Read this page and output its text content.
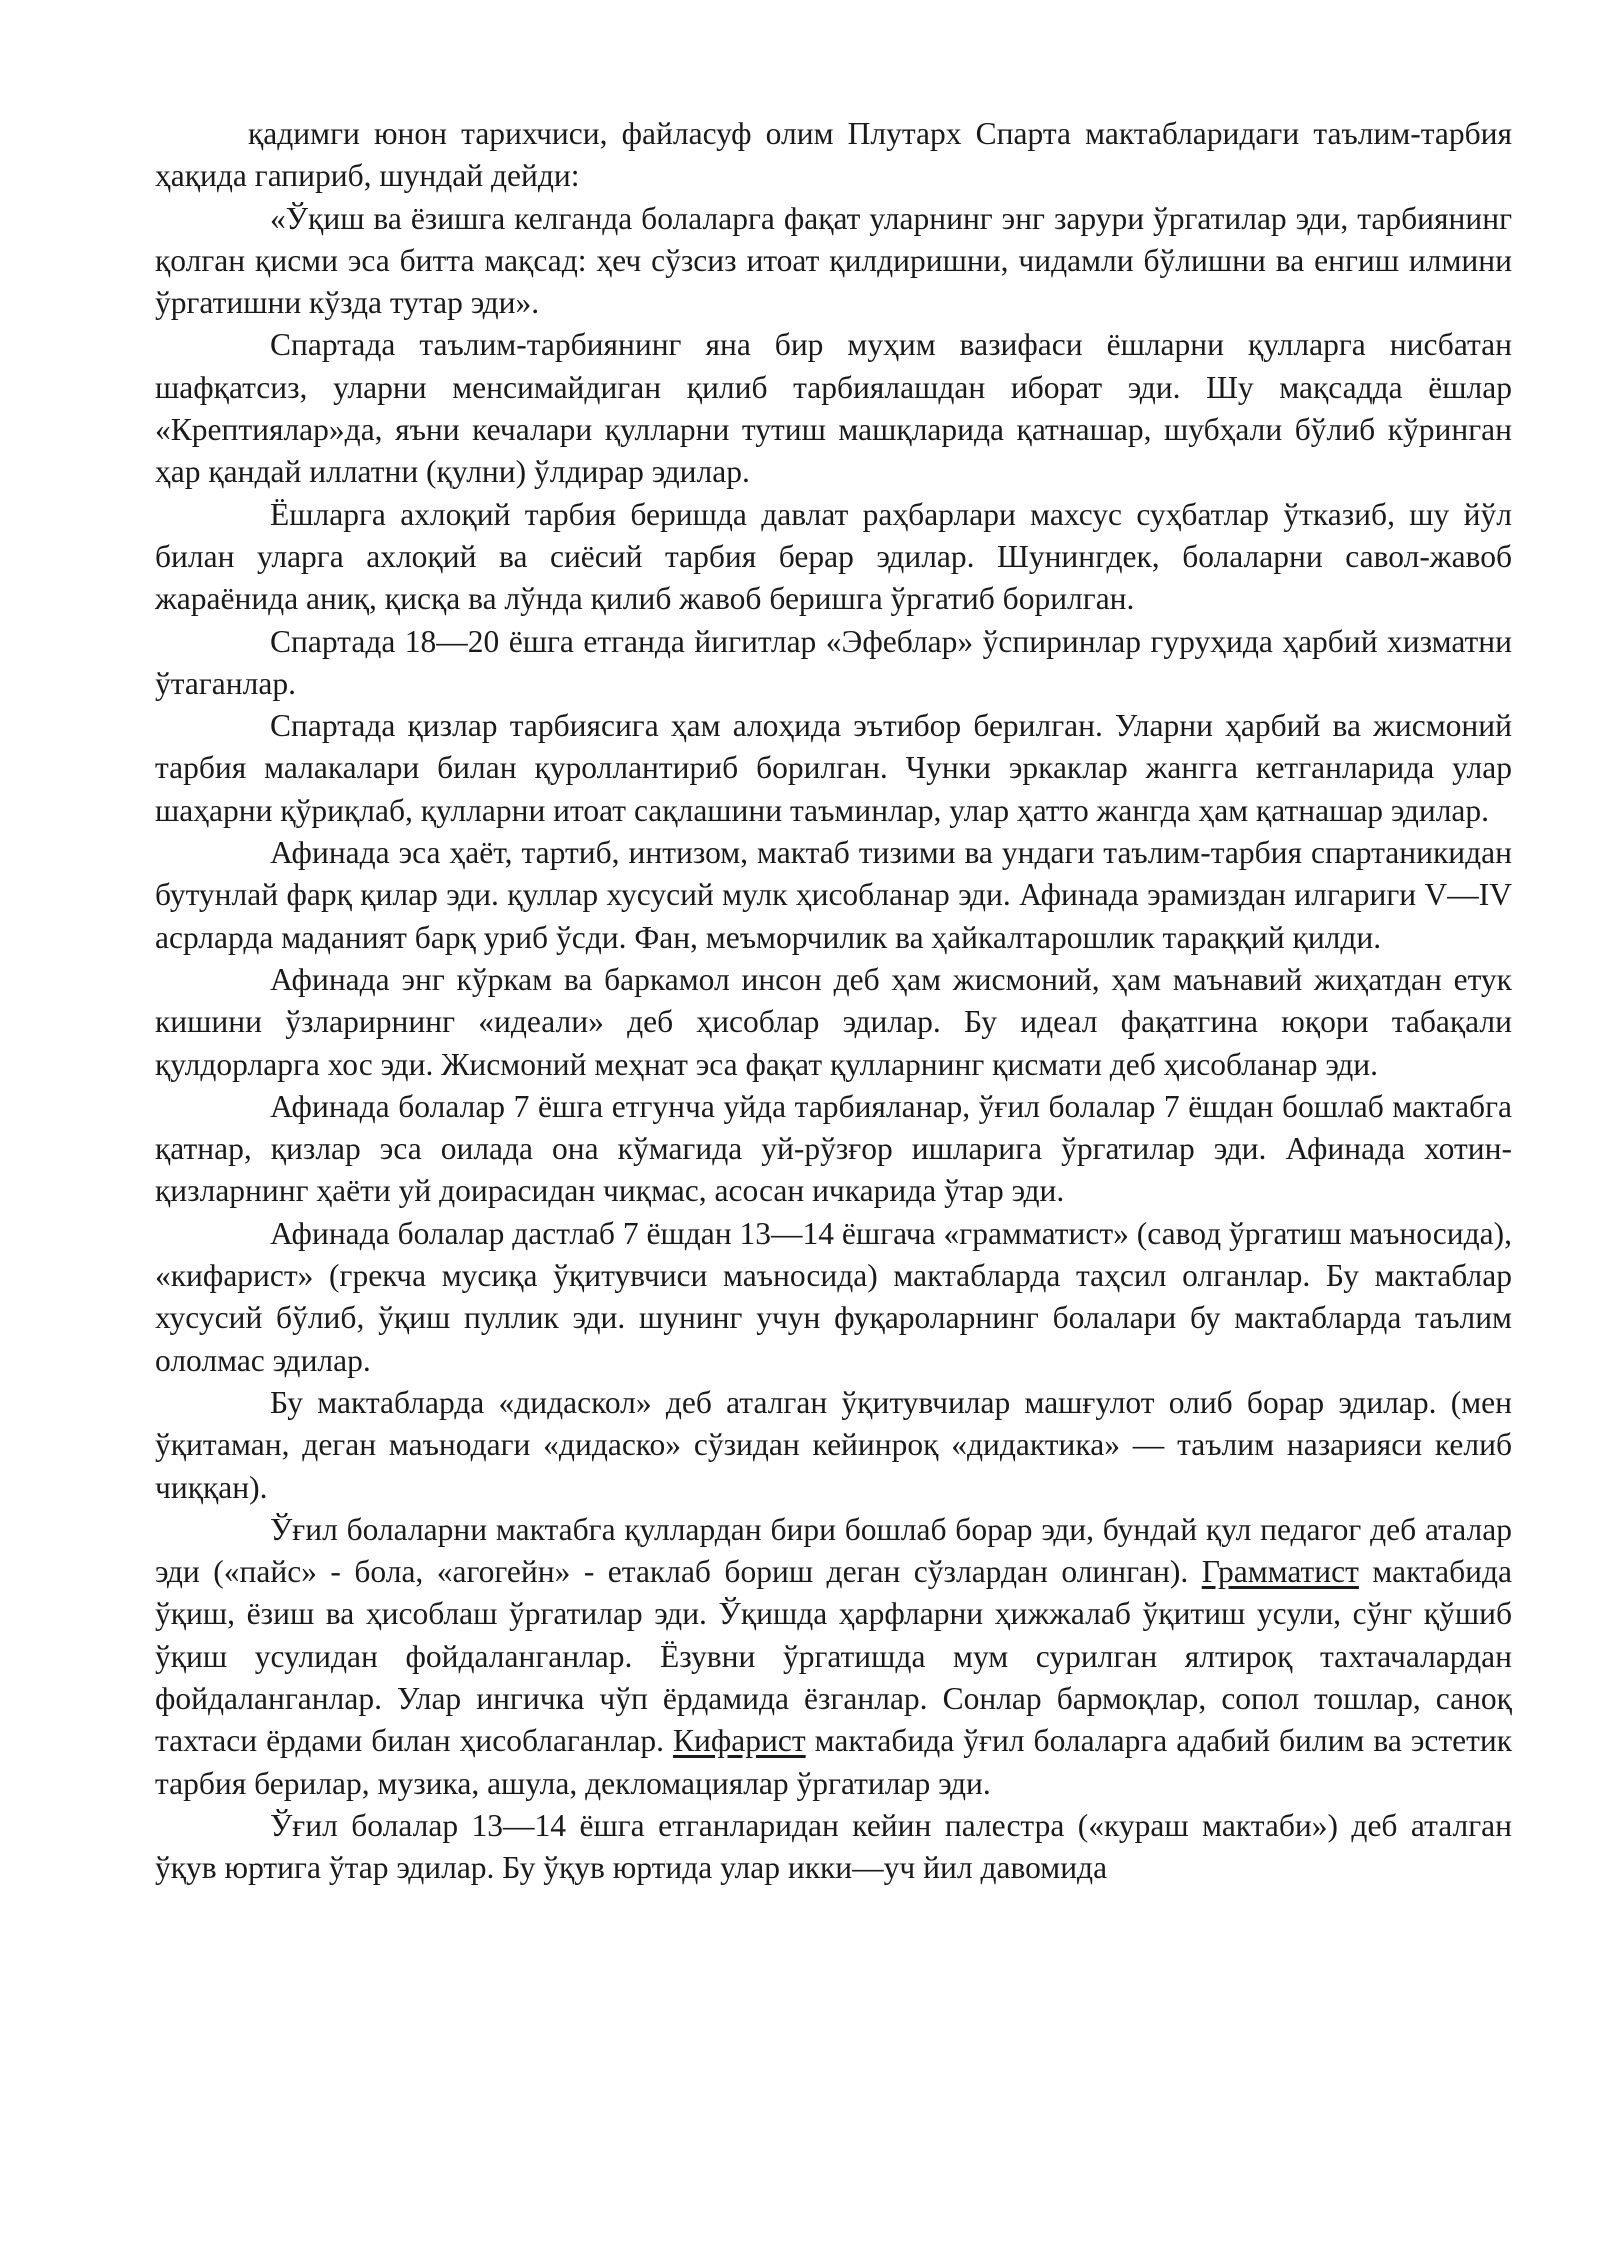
қадимги юнон тарихчиси, файласуф олим Плутарх Спарта мактабларидаги таълим-тарбия ҳақида гапириб, шундай дейди:

«Ўқиш ва ёзишга келганда болаларга фақат уларнинг энг зарури ўргатилар эди, тарбиянинг қолган қисми эса битта мақсад: ҳеч сўзсиз итоат қилдиришни, чидамли бўлишни ва енгиш илмини ўргатишни кўзда тутар эди».

Спартада таълим-тарбиянинг яна бир муҳим вазифаси ёшларни қулларга нисбатан шафқатсиз, уларни менсимайдиган қилиб тарбиялашдан иборат эди. Шу мақсадда ёшлар «Крептиялар»да, яъни кечалари қулларни тутиш машқларида қатнашар, шубҳали бўлиб кўринган ҳар қандай иллатни (қулни) ўлдирар эдилар.

Ёшларга ахлоқий тарбия беришда давлат раҳбарлари махсус суҳбатлар ўтказиб, шу йўл билан уларга ахлоқий ва сиёсий тарбия берар эдилар. Шунингдек, болаларни савол-жавоб жараёнида аниқ, қисқа ва лўнда қилиб жавоб беришга ўргатиб борилган.

Спартада 18—20 ёшга етганда йигитлар «Эфеблар» ўспиринлар гуруҳида ҳарбий хизматни ўтаганлар.

Спартада қизлар тарбиясига ҳам алоҳида эътибор берилган. Уларни ҳарбий ва жисмоний тарбия малакалари билан қуроллантириб борилган. Чунки эркаклар жангга кетганларида улар шаҳарни қўриқлаб, қулларни итоат сақлашини таъминлар, улар ҳатто жангда ҳам қатнашар эдилар.

Афинада эса ҳаёт, тартиб, интизом, мактаб тизими ва ундаги таълим-тарбия спартаникидан бутунлай фарқ қилар эди. қуллар хусусий мулк ҳисобланар эди. Афинада эрамиздан илгариги V—IV асрларда маданият барқ уриб ўсди. Фан, меъморчилик ва ҳайкалтарошлик тараққий қилди.

Афинада энг кўркам ва баркамол инсон деб ҳам жисмоний, ҳам маънавий жиҳатдан етук кишини ўзларирнинг «идеали» деб ҳисоблар эдилар. Бу идеал фақатгина юқори табақали қулдорларга хос эди. Жисмоний меҳнат эса фақат қулларнинг қисмати деб ҳисобланар эди.

Афинада болалар 7 ёшга етгунча уйда тарбияланар, ўғил болалар 7 ёшдан бошлаб мактабга қатнар, қизлар эса оилада она кўмагида уй-рўзғор ишларига ўргатилар эди. Афинада хотин-қизларнинг ҳаёти уй доирасидан чиқмас, асосан ичкарида ўтар эди.

Афинада болалар дастлаб 7 ёшдан 13—14 ёшгача «грамматист» (савод ўргатиш маъносида), «кифарист» (грекча мусиқа ўқитувчиси маъносида) мактабларда таҳсил олганлар. Бу мактаблар хусусий бўлиб, ўқиш пуллик эди. шунинг учун фуқароларнинг болалари бу мактабларда таълим ололмас эдилар.

Бу мактабларда «дидаскол» деб аталган ўқитувчилар машғулот олиб борар эдилар. (мен ўқитаман, деган маънодаги «дидаско» сўзидан кейинроқ «дидактика» — таълим назарияси келиб чиққан).

Ўғил болаларни мактабга қуллардан бири бошлаб борар эди, бундай қул педагог деб аталар эди («пайс» - бола, «агогейн» - етаклаб бориш деган сўзлардан олинган). Грамматист мактабида ўқиш, ёзиш ва ҳисоблаш ўргатилар эди. Ўқишда ҳарфларни ҳижжалаб ўқитиш усули, сўнг қўшиб ўқиш усулидан фойдаланганлар. Ёзувни ўргатишда мум сурилган ялтироқ тахтачалардан фойдаланганлар. Улар ингичка чўп ёрдамида ёзганлар. Сонлар бармоқлар, сопол тошлар, саноқ тахтаси ёрдами билан ҳисоблаганлар. Кифарист мактабида ўғил болаларга адабий билим ва эстетик тарбия берилар, музика, ашула, декломациялар ўргатилар эди.

Ўғил болалар 13—14 ёшга етганларидан кейин палестра («кураш мактаби») деб аталган ўқув юртига ўтар эдилар. Бу ўқув юртида улар икки—уч йил давомида
